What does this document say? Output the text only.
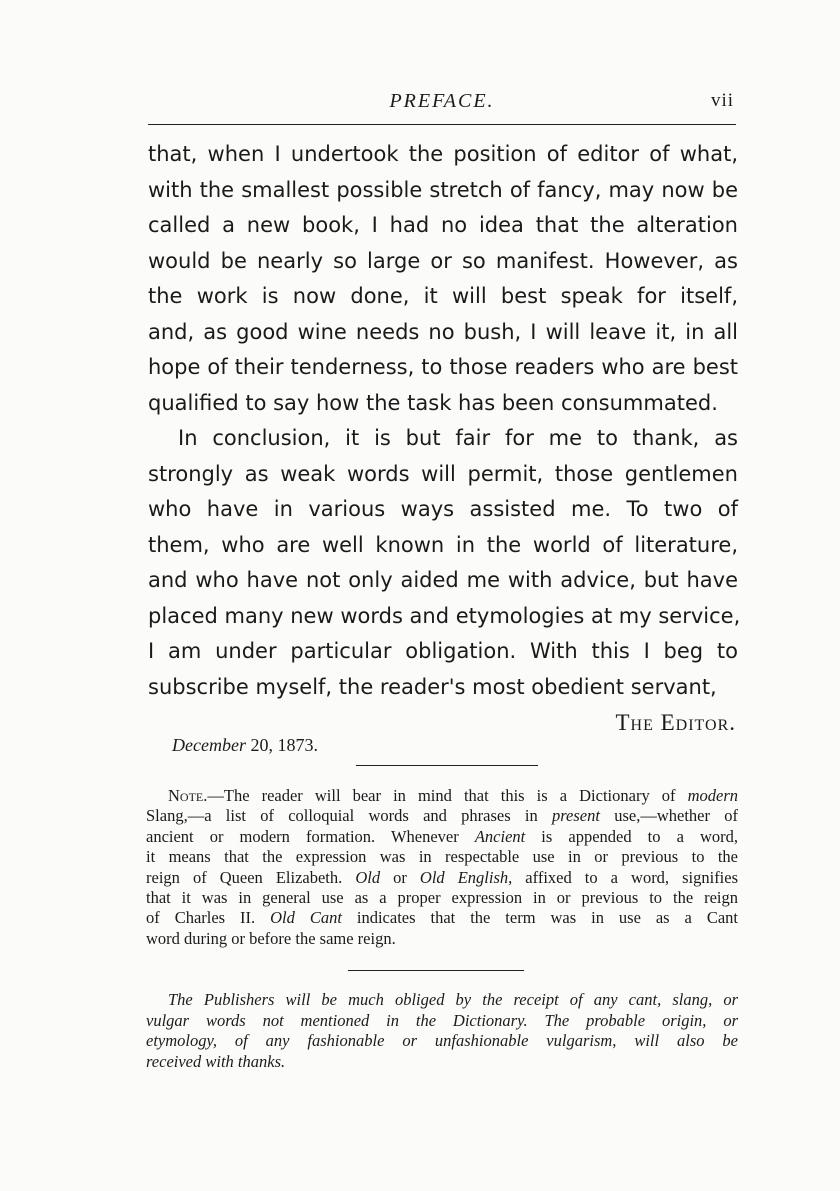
PREFACE.	vii
that, when I undertook the position of editor of what,
with the smallest possible stretch of fancy, may now be
called a new book, I had no idea that the alteration
would be nearly so large or so manifest. However, as
the work is now done, it will best speak for itself,
and, as good wine needs no bush, I will leave it, in all
hope of their tenderness, to those readers who are best
qualified to say how the task has been consummated.
In conclusion, it is but fair for me to thank, as
strongly as weak words will permit, those gentlemen
who have in various ways assisted me. To two of
them, who are well known in the world of literature,
and who have not only aided me with advice, but have
placed many new words and etymologies at my service,
I am under particular obligation. With this I beg to
subscribe myself, the reader's most obedient servant,
The Editor.
December 20, 1873.
Note.—The reader will bear in mind that this is a Dictionary of modern
Slang,—a list of colloquial words and phrases in present use,—whether of
ancient or modern formation. Whenever Ancient is appended to a word,
it means that the expression was in respectable use in or previous to the
reign of Queen Elizabeth. Old or Old English, affixed to a word, signifies
that it was in general use as a proper expression in or previous to the reign
of Charles II. Old Cant indicates that the term was in use as a Cant
word during or before the same reign.
The Publishers will be much obliged by the receipt of any cant, slang, or
vulgar words not mentioned in the Dictionary. The probable origin, or
etymology, of any fashionable or unfashionable vulgarism, will also be
received with thanks.
